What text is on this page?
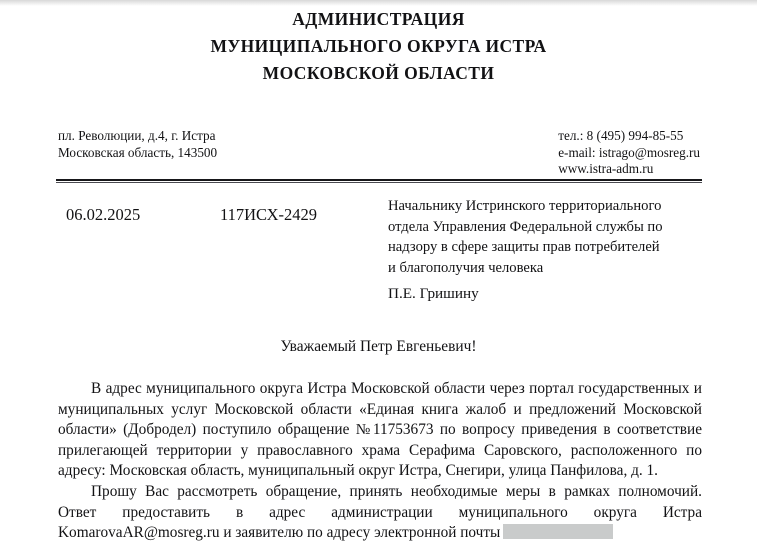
АДМИНИСТРАЦИЯ
МУНИЦИПАЛЬНОГО ОКРУГА ИСТРА
МОСКОВСКОЙ ОБЛАСТИ
пл. Революции, д.4, г. Истра
Московская область, 143500
тел.: 8 (495) 994-85-55
e-mail: istrago@mosreg.ru
www.istra-adm.ru
06.02.2025	117ИСХ-2429	Начальнику Истринского территориального
отдела Управления Федеральной службы по
надзору в сфере защиты прав потребителей
и благополучия человека
П.Е. Гришину
Уважаемый Петр Евгеньевич!

В адрес муниципального округа Истра Московской области через портал государственных и муниципальных услуг Московской области «Единая книга жалоб и предложений Московской области» (Добродел) поступило обращение №11753673 по вопросу приведения в соответствие прилегающей территории у православного храма Серафима Саровского, расположенного по адресу: Московская область, муниципальный округ Истра, Снегири, улица Панфилова, д. 1.

Прошу Вас рассмотреть обращение, принять необходимые меры в рамках полномочий. Ответ предоставить в адрес администрации муниципального округа Истра KomarovaAR@mosreg.ru и заявителю по адресу электронной почты
